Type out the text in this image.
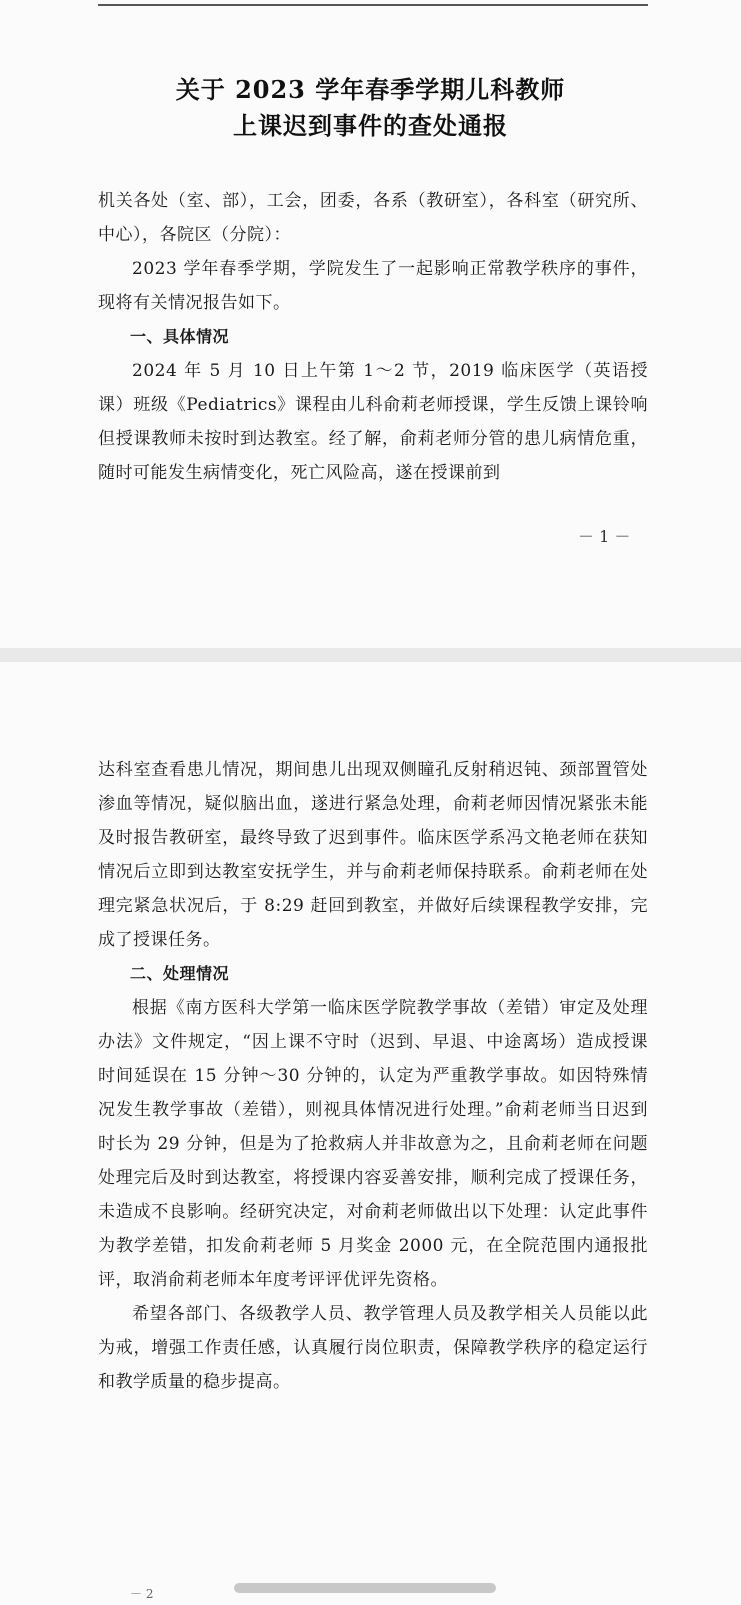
关于 2023 学年春季学期儿科教师
上课迟到事件的查处通报

机关各处（室、部），工会，团委，各系（教研室），各科室（研究所、中心），各院区（分院）：

2023 学年春季学期，学院发生了一起影响正常教学秩序的事件，现将有关情况报告如下。

一、具体情况

2024 年 5 月 10 日上午第 1～2 节，2019 临床医学（英语授课）班级《Pediatrics》课程由儿科俞莉老师授课，学生反馈上课铃响但授课教师未按时到达教室。经了解，俞莉老师分管的患儿病情危重，随时可能发生病情变化，死亡风险高，遂在授课前到

－ 1 －

达科室查看患儿情况，期间患儿出现双侧瞳孔反射稍迟钝、颈部置管处渗血等情况，疑似脑出血，遂进行紧急处理，俞莉老师因情况紧张未能及时报告教研室，最终导致了迟到事件。临床医学系冯文艳老师在获知情况后立即到达教室安抚学生，并与俞莉老师保持联系。俞莉老师在处理完紧急状况后，于 8:29 赶回到教室，并做好后续课程教学安排，完成了授课任务。

二、处理情况

根据《南方医科大学第一临床医学院教学事故（差错）审定及处理办法》文件规定，“因上课不守时（迟到、早退、中途离场）造成授课时间延误在 15 分钟～30 分钟的，认定为严重教学事故。如因特殊情况发生教学事故（差错），则视具体情况进行处理。”俞莉老师当日迟到时长为 29 分钟，但是为了抢救病人并非故意为之，且俞莉老师在问题处理完后及时到达教室，将授课内容妥善安排，顺利完成了授课任务，未造成不良影响。经研究决定，对俞莉老师做出以下处理：认定此事件为教学差错，扣发俞莉老师 5 月奖金 2000 元，在全院范围内通报批评，取消俞莉老师本年度考评评优评先资格。

希望各部门、各级教学人员、教学管理人员及教学相关人员能以此为戒，增强工作责任感，认真履行岗位职责，保障教学秩序的稳定运行和教学质量的稳步提高。

－ 2
